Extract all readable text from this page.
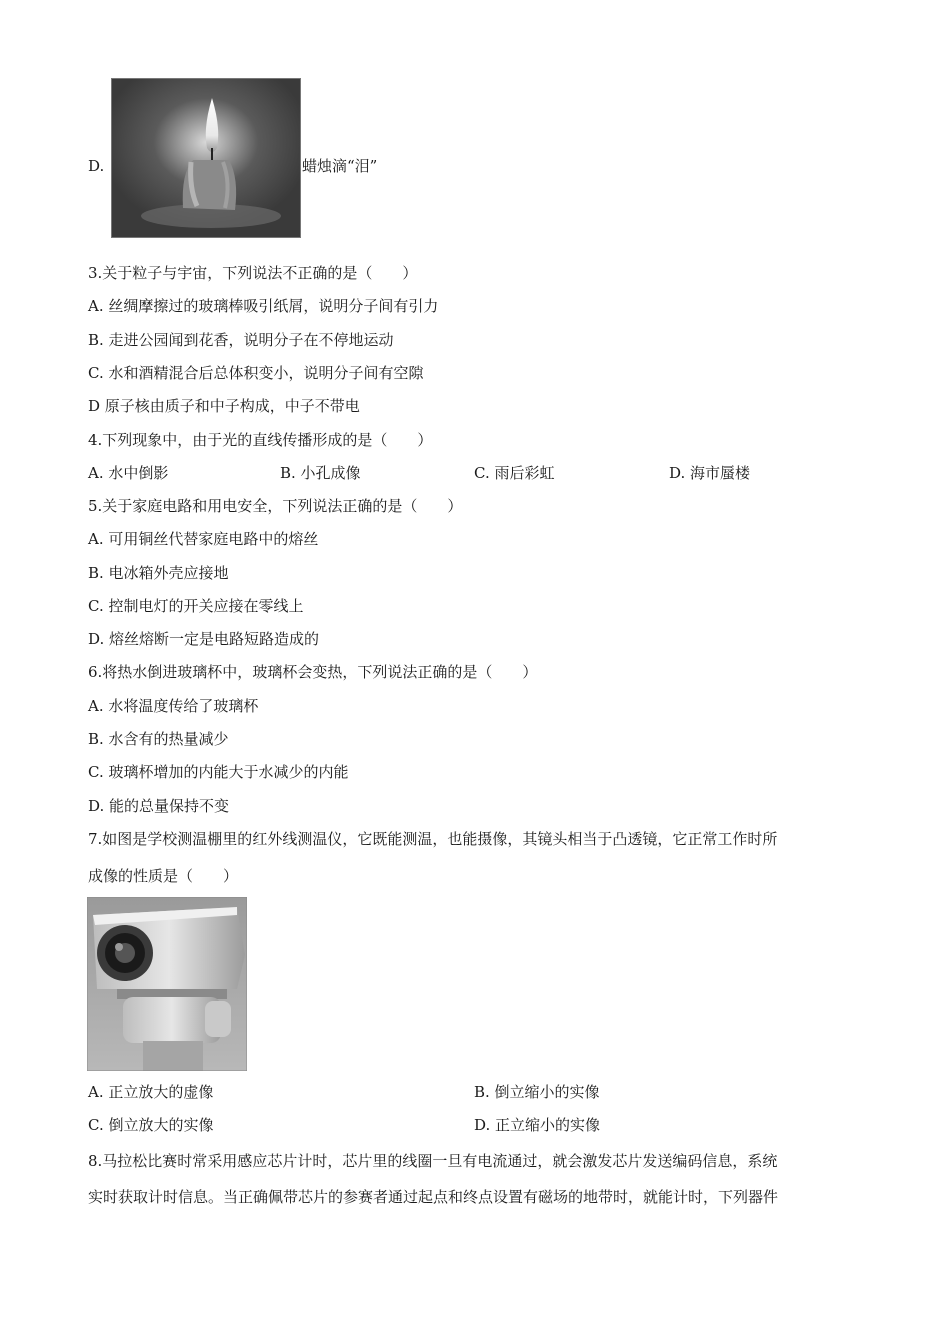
D.	蜡烛滴“泪”
3.关于粒子与宇宙，下列说法不正确的是（　　）
A. 丝绸摩擦过的玻璃棒吸引纸屑，说明分子间有引力
B. 走进公园闻到花香，说明分子在不停地运动
C. 水和酒精混合后总体积变小，说明分子间有空隙
D 原子核由质子和中子构成，中子不带电
4.下列现象中，由于光的直线传播形成的是（　　）
A. 水中倒影	B. 小孔成像	C. 雨后彩虹	D. 海市蜃楼
5.关于家庭电路和用电安全，下列说法正确的是（　　）
A. 可用铜丝代替家庭电路中的熔丝
B. 电冰箱外壳应接地
C. 控制电灯的开关应接在零线上
D. 熔丝熔断一定是电路短路造成的
6.将热水倒进玻璃杯中，玻璃杯会变热，下列说法正确的是（　　）
A. 水将温度传给了玻璃杯
B. 水含有的热量减少
C. 玻璃杯增加的内能大于水减少的内能
D. 能的总量保持不变
7.如图是学校测温棚里的红外线测温仪，它既能测温，也能摄像，其镜头相当于凸透镜，它正常工作时所
成像的性质是（　　）
A. 正立放大的虚像	B. 倒立缩小的实像
C. 倒立放大的实像	D. 正立缩小的实像
8.马拉松比赛时常采用感应芯片计时，芯片里的线圈一旦有电流通过，就会激发芯片发送编码信息，系统
实时获取计时信息。当正确佩带芯片的参赛者通过起点和终点设置有磁场的地带时，就能计时，下列器件
